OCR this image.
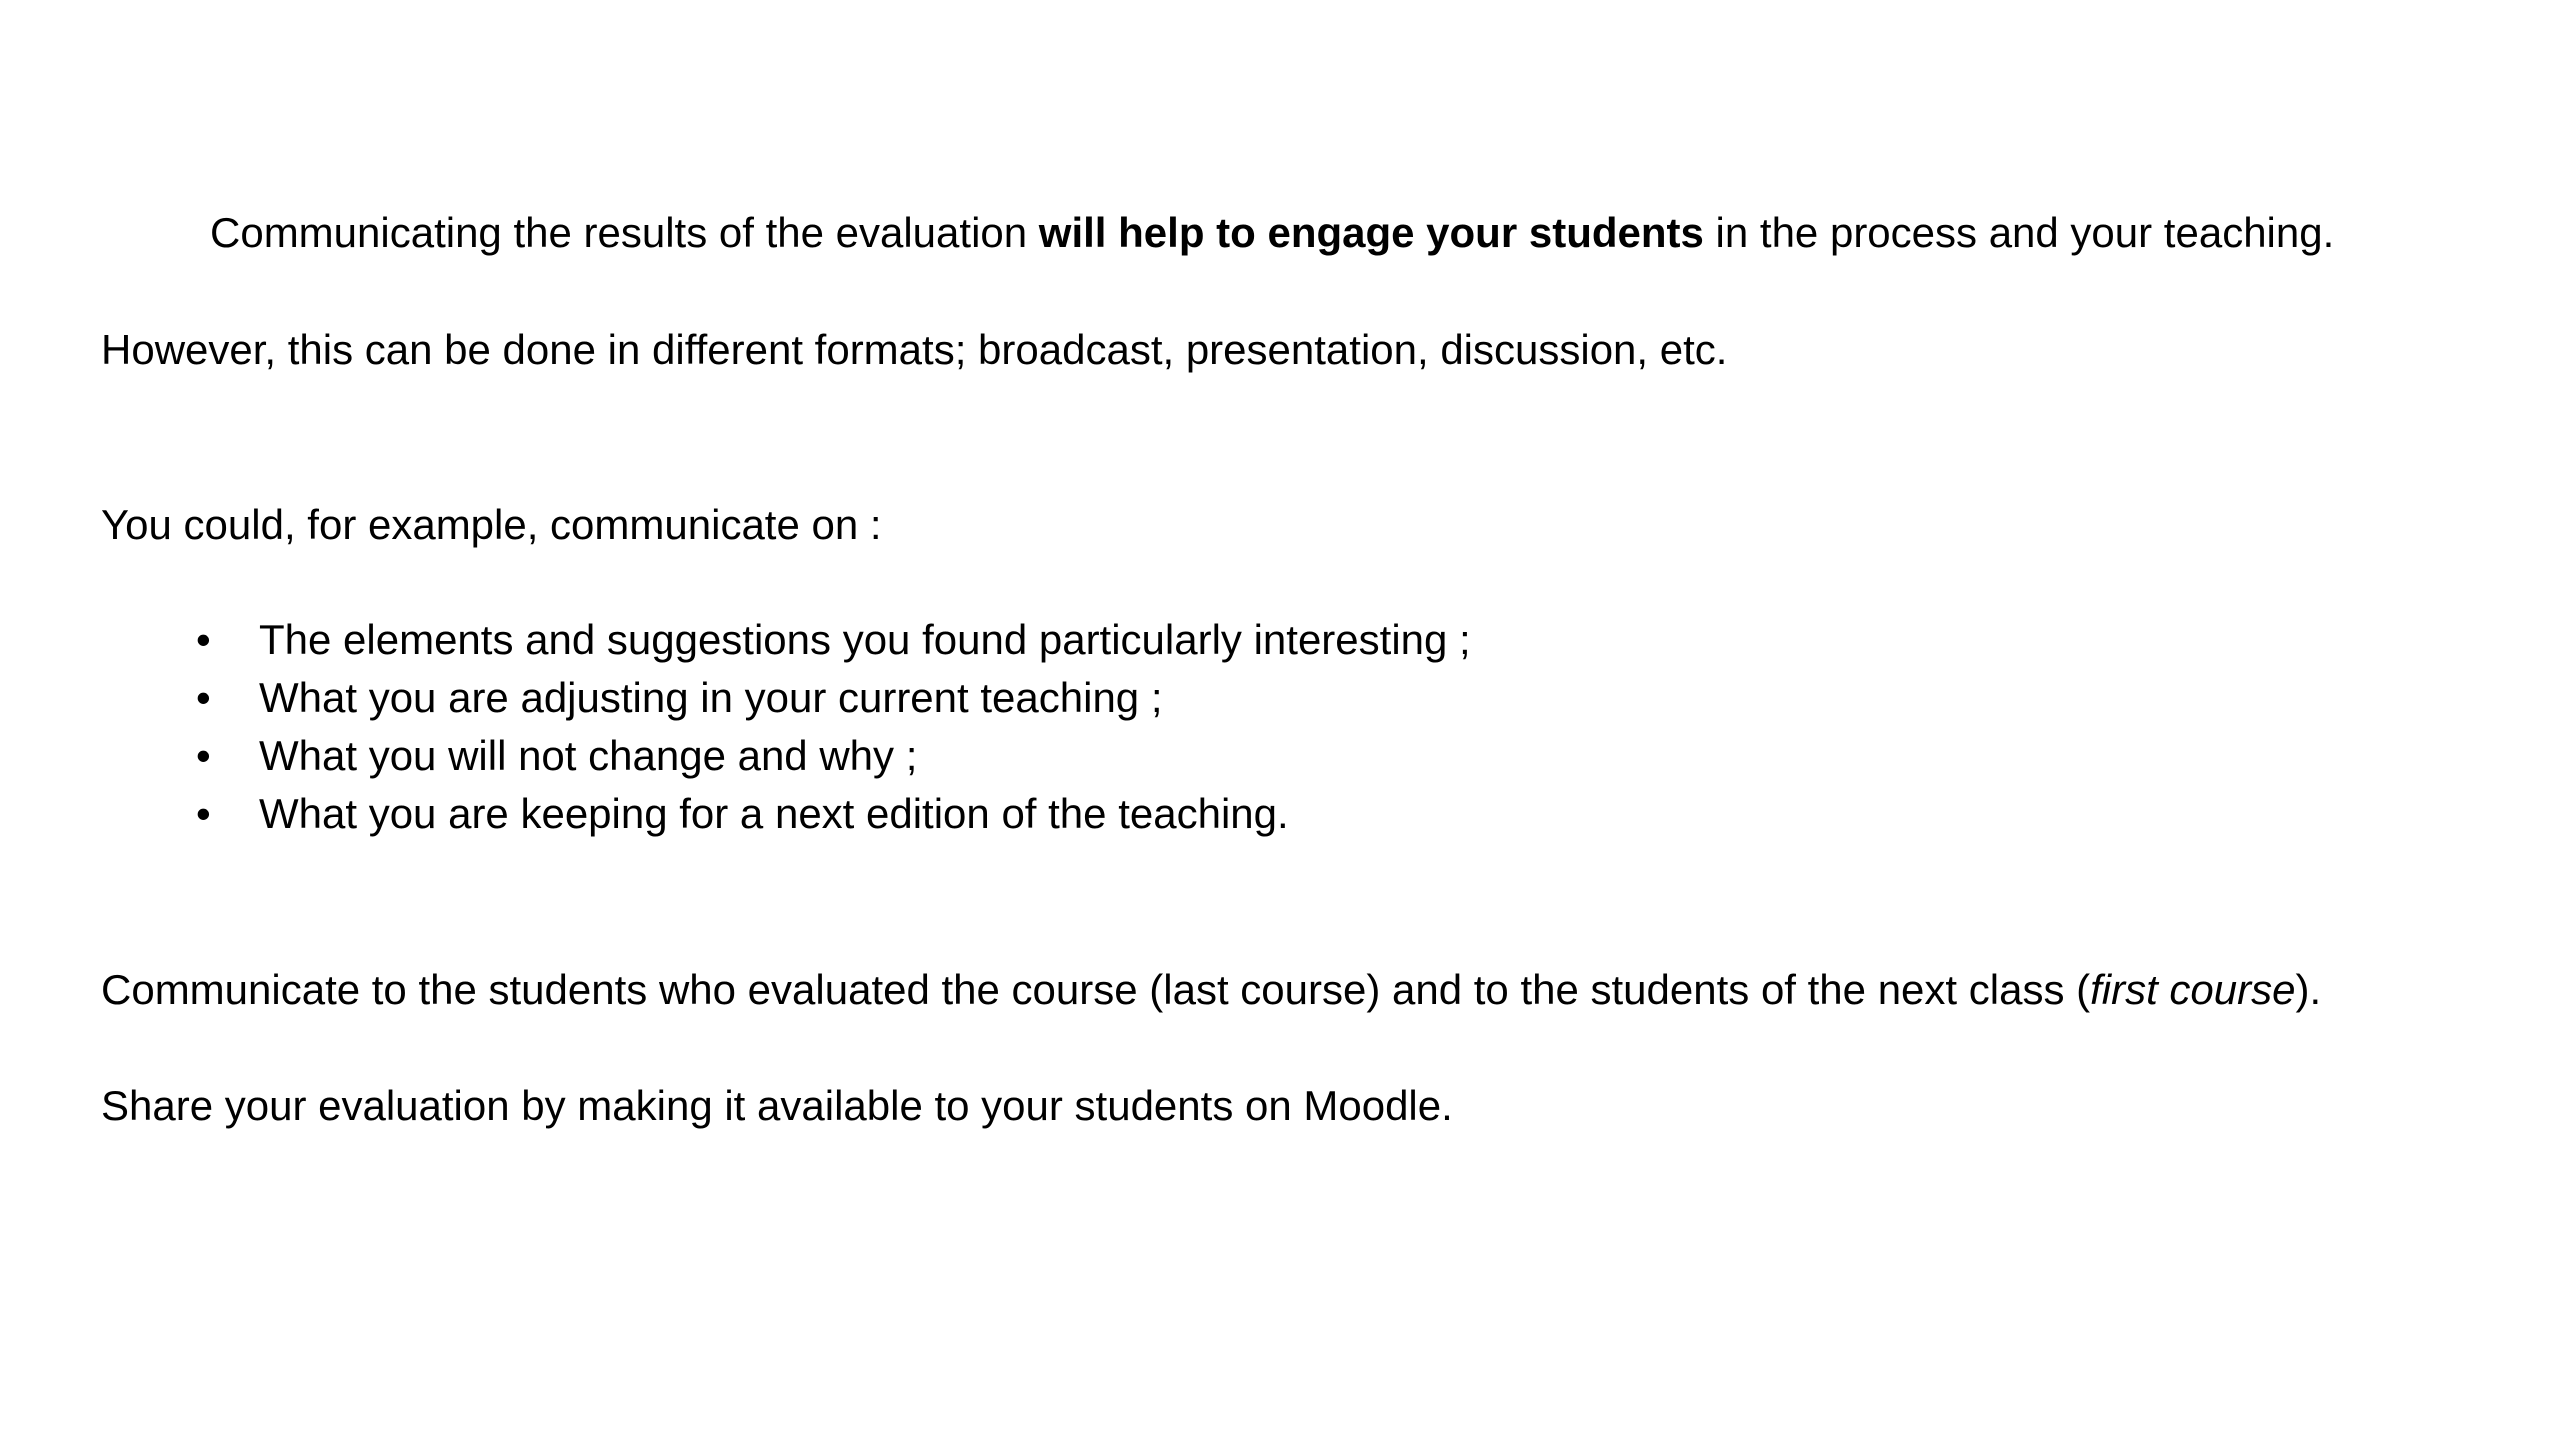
Communicating the results of the evaluation will help to engage your students in the process and your teaching.

However, this can be done in different formats; broadcast, presentation, discussion, etc.

You could, for example, communicate on :

• The elements and suggestions you found particularly interesting ;
• What you are adjusting in your current teaching ;
• What you will not change and why ;
• What you are keeping for a next edition of the teaching.

Communicate to the students who evaluated the course (last course) and to the students of the next class (first course).

Share your evaluation by making it available to your students on Moodle.
